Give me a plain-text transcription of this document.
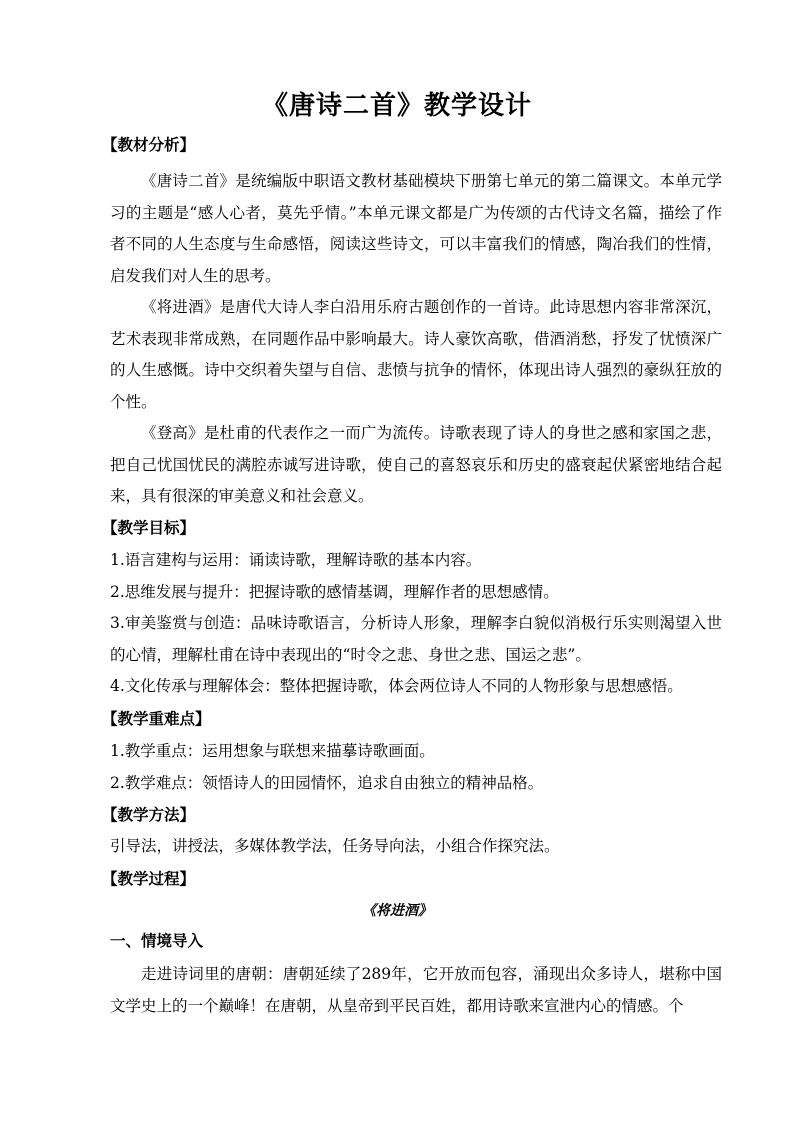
《唐诗二首》教学设计
【教材分析】
《唐诗二首》是统编版中职语文教材基础模块下册第七单元的第二篇课文。本单元学习的主题是“感人心者，莫先乎情。”本单元课文都是广为传颂的古代诗文名篇，描绘了作者不同的人生态度与生命感悟，阅读这些诗文，可以丰富我们的情感，陶冶我们的性情，启发我们对人生的思考。
《将进酒》是唐代大诗人李白沿用乐府古题创作的一首诗。此诗思想内容非常深沉，艺术表现非常成熟，在同题作品中影响最大。诗人豪饮高歌，借酒消愁，抒发了忧愤深广的人生感慨。诗中交织着失望与自信、悲愤与抗争的情怀，体现出诗人强烈的豪纵狂放的个性。
《登高》是杜甫的代表作之一而广为流传。诗歌表现了诗人的身世之感和家国之悲，把自己忧国忧民的满腔赤诚写进诗歌，使自己的喜怒哀乐和历史的盛衰起伏紧密地结合起来，具有很深的审美意义和社会意义。
【教学目标】
1.语言建构与运用：诵读诗歌，理解诗歌的基本内容。
2.思维发展与提升：把握诗歌的感情基调，理解作者的思想感情。
3.审美鉴赏与创造：品味诗歌语言，分析诗人形象，理解李白貌似消极行乐实则渴望入世的心情，理解杜甫在诗中表现出的“时令之悲、身世之悲、国运之悲”。
4.文化传承与理解体会：整体把握诗歌，体会两位诗人不同的人物形象与思想感悟。
【教学重难点】
1.教学重点：运用想象与联想来描摹诗歌画面。
2.教学难点：领悟诗人的田园情怀，追求自由独立的精神品格。
【教学方法】
引导法，讲授法，多媒体教学法，任务导向法，小组合作探究法。
【教学过程】
《将进酒》
一、情境导入
走进诗词里的唐朝：唐朝延续了289年，它开放而包容，涌现出众多诗人，堪称中国文学史上的一个巅峰！在唐朝，从皇帝到平民百姓，都用诗歌来宣泄内心的情感。个
